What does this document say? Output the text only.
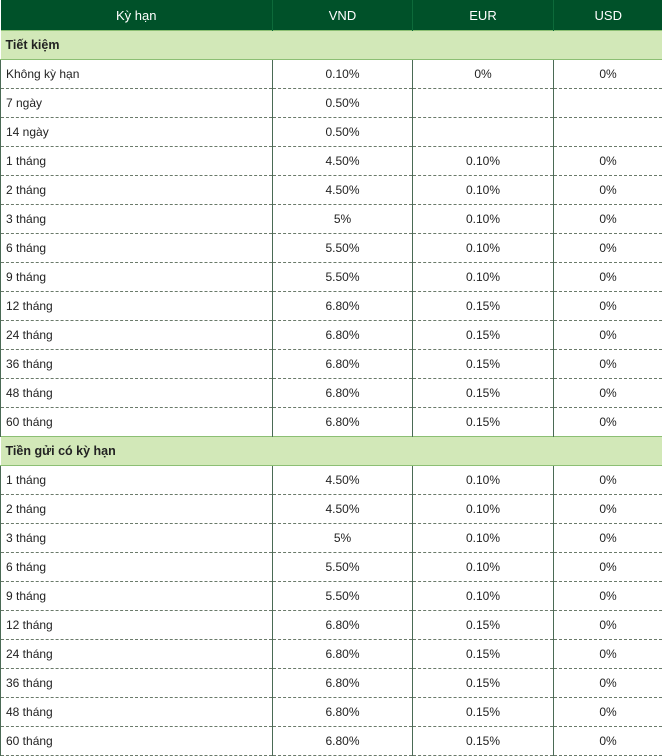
Kỳ hạn	VND	EUR	USD
Tiết kiệm			
Không kỳ hạn	0.10%	0%	0%
7 ngày	0.50%		
14 ngày	0.50%		
1 tháng	4.50%	0.10%	0%
2 tháng	4.50%	0.10%	0%
3 tháng	5%	0.10%	0%
6 tháng	5.50%	0.10%	0%
9 tháng	5.50%	0.10%	0%
12 tháng	6.80%	0.15%	0%
24 tháng	6.80%	0.15%	0%
36 tháng	6.80%	0.15%	0%
48 tháng	6.80%	0.15%	0%
60 tháng	6.80%	0.15%	0%
Tiền gửi có kỳ hạn			
1 tháng	4.50%	0.10%	0%
2 tháng	4.50%	0.10%	0%
3 tháng	5%	0.10%	0%
6 tháng	5.50%	0.10%	0%
9 tháng	5.50%	0.10%	0%
12 tháng	6.80%	0.15%	0%
24 tháng	6.80%	0.15%	0%
36 tháng	6.80%	0.15%	0%
48 tháng	6.80%	0.15%	0%
60 tháng	6.80%	0.15%	0%
